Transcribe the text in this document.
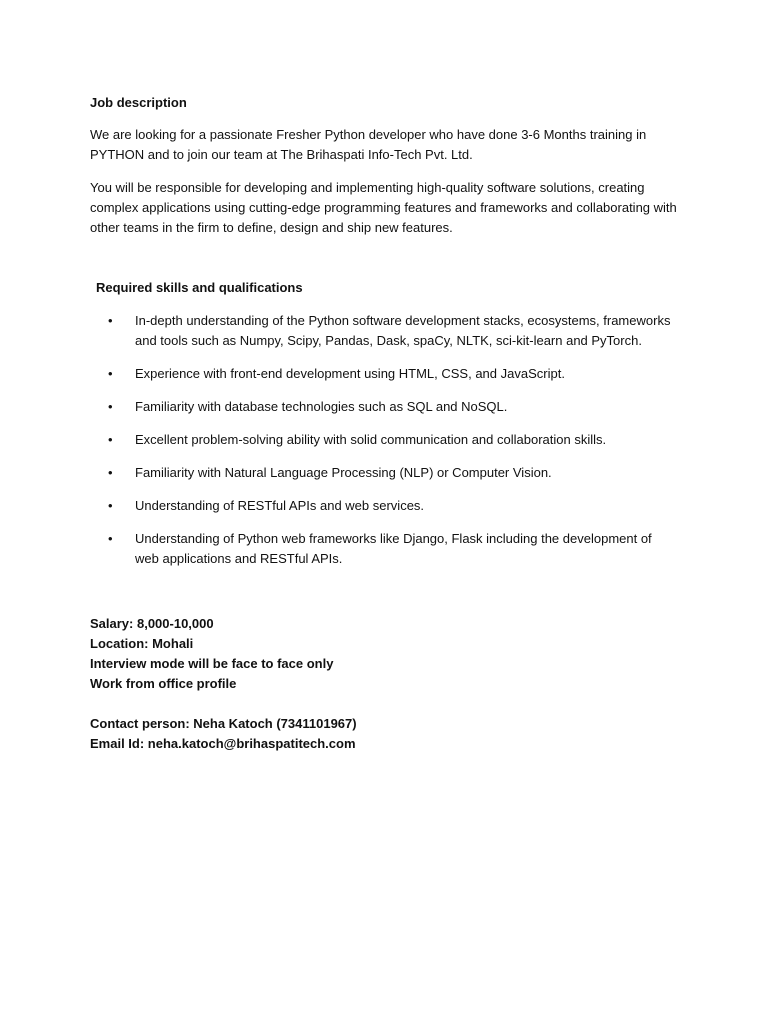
Job description

We are looking for a passionate Fresher Python developer who have done 3-6 Months training in PYTHON and to join our team at The Brihaspati Info-Tech Pvt. Ltd.

You will be responsible for developing and implementing high-quality software solutions, creating complex applications using cutting-edge programming features and frameworks and collaborating with other teams in the firm to define, design and ship new features.

Required skills and qualifications

• In-depth understanding of the Python software development stacks, ecosystems, frameworks and tools such as Numpy, Scipy, Pandas, Dask, spaCy, NLTK, sci-kit-learn and PyTorch.
• Experience with front-end development using HTML, CSS, and JavaScript.
• Familiarity with database technologies such as SQL and NoSQL.
• Excellent problem-solving ability with solid communication and collaboration skills.
• Familiarity with Natural Language Processing (NLP) or Computer Vision.
• Understanding of RESTful APIs and web services.
• Understanding of Python web frameworks like Django, Flask including the development of web applications and RESTful APIs.
Salary: 8,000-10,000
Location: Mohali
Interview mode will be face to face only
Work from office profile
Contact person: Neha Katoch (7341101967)
Email Id: neha.katoch@brihaspatitech.com
